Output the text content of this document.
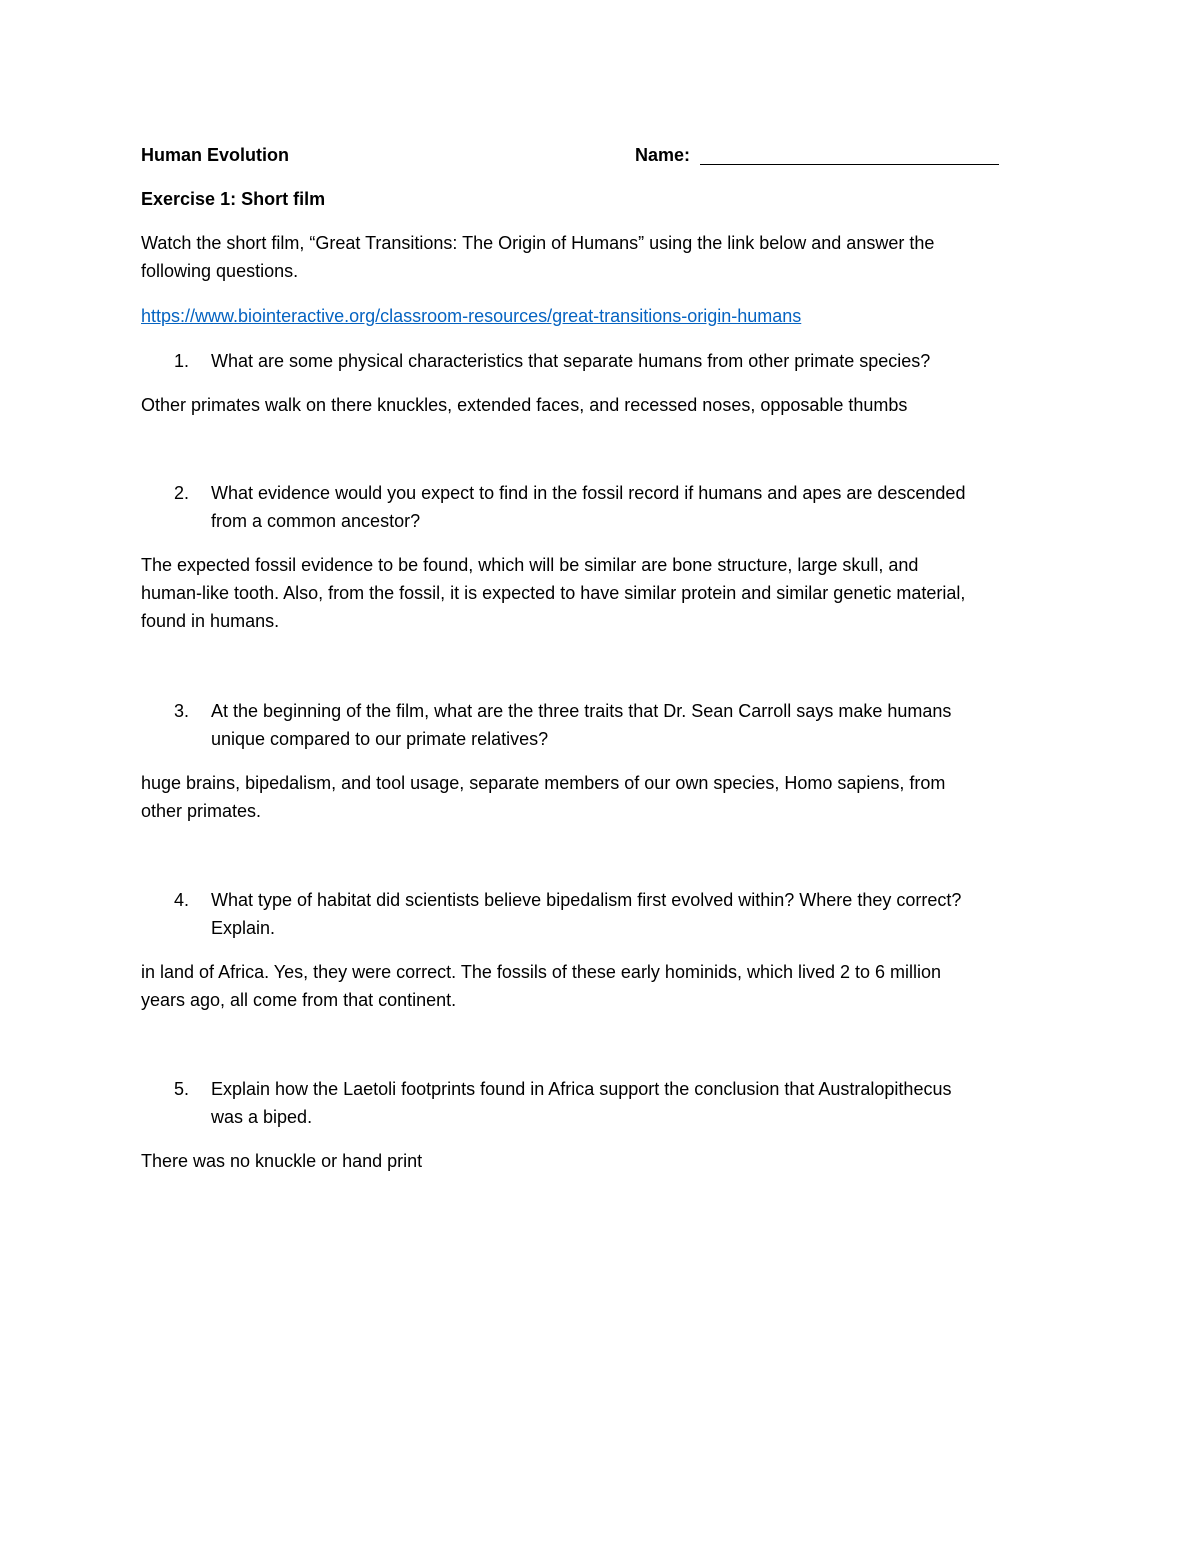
Human Evolution	Name:
Exercise 1: Short film
Watch the short film, “Great Transitions: The Origin of Humans” using the link below and answer the
following questions.
https://www.biointeractive.org/classroom-resources/great-transitions-origin-humans
1. What are some physical characteristics that separate humans from other primate species?
Other primates walk on there knuckles, extended faces, and recessed noses, opposable thumbs
2. What evidence would you expect to find in the fossil record if humans and apes are descended
from a common ancestor?
The expected fossil evidence to be found, which will be similar are bone structure, large skull, and
human-like tooth. Also, from the fossil, it is expected to have similar protein and similar genetic material,
found in humans.
3. At the beginning of the film, what are the three traits that Dr. Sean Carroll says make humans
unique compared to our primate relatives?
huge brains, bipedalism, and tool usage, separate members of our own species, Homo sapiens, from
other primates.
4. What type of habitat did scientists believe bipedalism first evolved within? Where they correct?
Explain.
in land of Africa. Yes, they were correct. The fossils of these early hominids, which lived 2 to 6 million
years ago, all come from that continent.
5. Explain how the Laetoli footprints found in Africa support the conclusion that Australopithecus
was a biped.
There was no knuckle or hand print
